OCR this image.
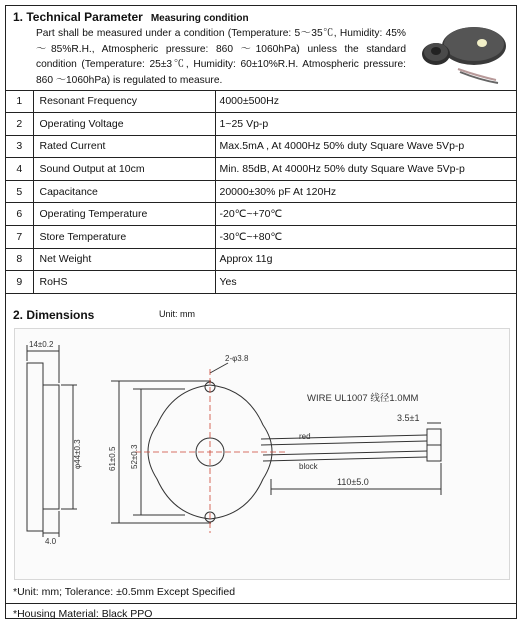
1. Technical Parameter Measuring condition
Part shall be measured under a condition (Temperature: 5～35℃, Humidity: 45%～85%R.H., Atmospheric pressure: 860 ～1060hPa) unless the standard condition (Temperature: 25±3℃, Humidity: 60±10%R.H. Atmospheric pressure: 860 ～1060hPa) is regulated to measure.
1	Resonant Frequency	4000±500Hz
2	Operating Voltage	1~25 Vp-p
3	Rated Current	Max.5mA , At 4000Hz 50% duty Square Wave 5Vp-p
4	Sound Output at 10cm	Min. 85dB, At 4000Hz 50% duty Square Wave 5Vp-p
5	Capacitance	20000±30% pF At 120Hz
6	Operating Temperature	-20℃~+70℃
7	Store Temperature	-30℃~+80℃
8	Net Weight	Approx 11g
9	RoHS	Yes
2. Dimensions	Unit: mm
14±0.2
φ44±0.3
4.0
61±0.5 52±0.3
2-φ3.8
WIRE UL1007 线径1.0MM
red
block
3.5±1
110±5.0
*Unit: mm; Tolerance: ±0.5mm Except Specified
*Housing Material: Black PPO
